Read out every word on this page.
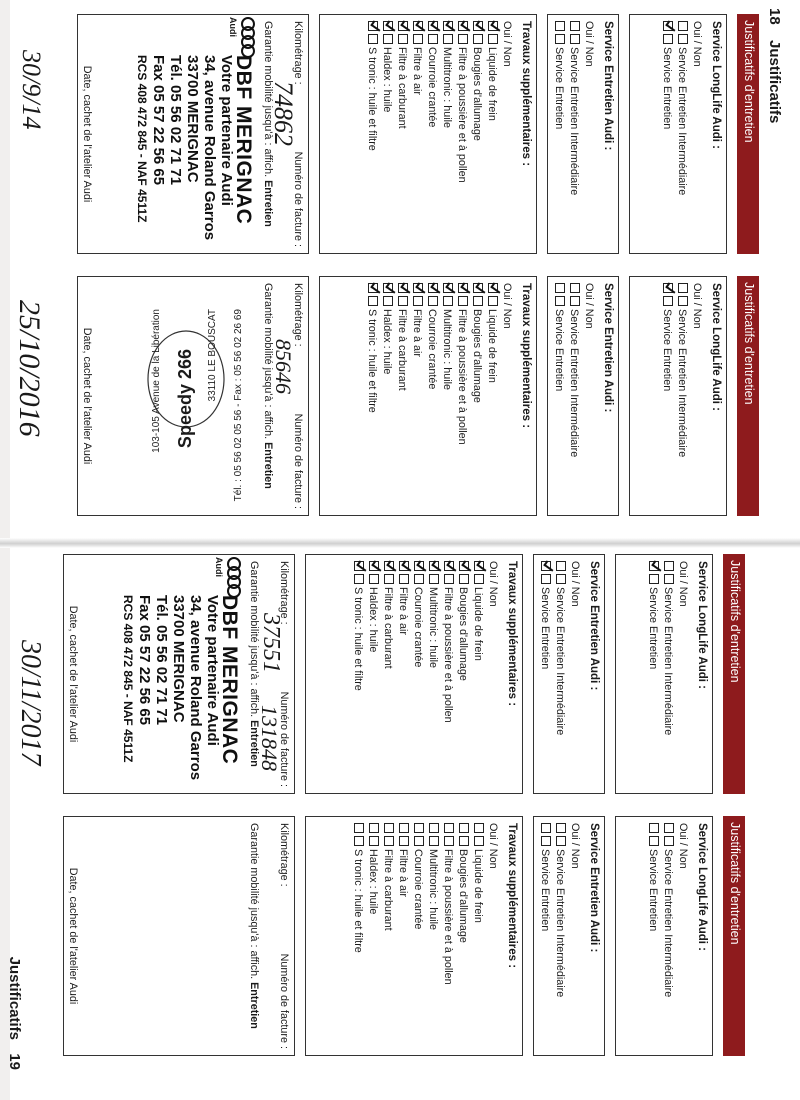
18
Justificatifs
Justificatifs d'entretien
Service LongLife Audi :
Oui / Non
Service Entretien Intermédiaire
Service Entretien
Service Entretien Audi :
Oui / Non
Service Entretien Intermédiaire
Service Entretien
Travaux supplémentaires :
Oui / Non
Liquide de frein
Bougies d'allumage
Filtre à poussière et à pollen
Multitronic : huile
Courroie crantée
Filtre à air
Filtre à carburant
Haldex : huile
S tronic : huile et filtre
Kilométrage :
Numéro de facture :
74862
Garantie mobilité jusqu'à : affich. Entretien
Audi
DBF MERIGNAC
Votre partenaire Audi
34, avenue Roland Garros
33700 MERIGNAC
Tél. 05 56 02 71 71
Fax 05 57 22 56 65
RCS 408 472 845 - NAF 4511Z
Date, cachet de l'atelier Audi
Justificatifs d'entretien
Service LongLife Audi :
Oui / Non
Service Entretien Intermédiaire
Service Entretien
Service Entretien Audi :
Oui / Non
Service Entretien Intermédiaire
Service Entretien
Travaux supplémentaires :
Oui / Non
Liquide de frein
Bougies d'allumage
Filtre à poussière et à pollen
Multitronic : huile
Courroie crantée
Filtre à air
Filtre à carburant
Haldex : huile
S tronic : huile et filtre
Kilométrage :
Numéro de facture :
85646
Garantie mobilité jusqu'à : affich. Entretien
Speedy 266
103-105 Avenue de la Libération	33110 LE BOUSCAT Tél. : 05 56 02 05 56 - Fax : 05 56 02 26 69
Date, cachet de l'atelier Audi
30/9/14
25/10/2016
Justificatifs
19
Justificatifs d'entretien
Service LongLife Audi :
Oui / Non
Service Entretien Intermédiaire
Service Entretien
Service Entretien Audi :
Oui / Non
Service Entretien Intermédiaire
Service Entretien
Travaux supplémentaires :
Oui / Non
Liquide de frein
Bougies d'allumage
Filtre à poussière et à pollen
Multitronic : huile
Courroie crantée
Filtre à air
Filtre à carburant
Haldex : huile
S tronic : huile et filtre
Kilométrage :
Numéro de facture :
37551
131848
Garantie mobilité jusqu'à : affich. Entretien
Audi
DBF MERIGNAC
Votre partenaire Audi
34, avenue Roland Garros
33700 MERIGNAC
Tél. 05 56 02 71 71
Fax 05 57 22 56 65
RCS 408 472 845 - NAF 4511Z
Date, cachet de l'atelier Audi
Justificatifs d'entretien
Service LongLife Audi :
Oui / Non
Service Entretien Intermédiaire
Service Entretien
Service Entretien Audi :
Oui / Non
Service Entretien Intermédiaire
Service Entretien
Travaux supplémentaires :
Oui / Non
Liquide de frein
Bougies d'allumage
Filtre à poussière et à pollen
Multitronic : huile
Courroie crantée
Filtre à air
Filtre à carburant
Haldex : huile
S tronic : huile et filtre
Kilométrage :
Numéro de facture :
Garantie mobilité jusqu'à : affich. Entretien
Date, cachet de l'atelier Audi
30/11/2017
